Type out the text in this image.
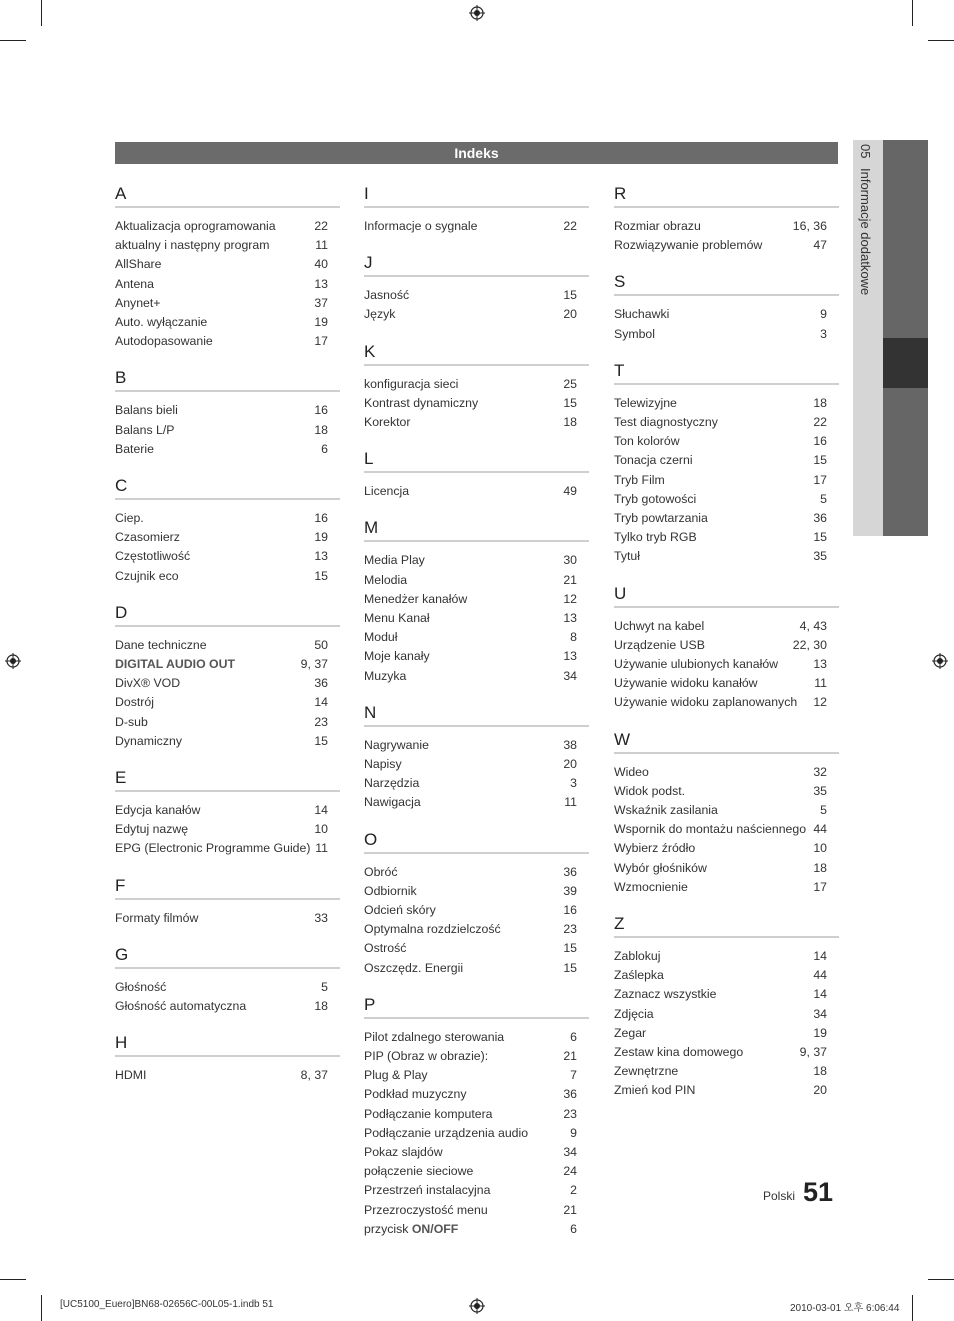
Indeks	05 Informacje dodatkowe
A
Aktualizacja oprogramowania	22
aktualny i następny program	11
AllShare	40
Antena	13
Anynet+	37
Auto. wyłączanie	19
Autodopasowanie	17
B
Balans bieli	16
Balans L/P	18
Baterie	6
C
Ciep.	16
Czasomierz	19
Częstotliwość	13
Czujnik eco	15
D
Dane techniczne	50
DIGITAL AUDIO OUT	9, 37
DivX® VOD	36
Dostrój	14
D-sub	23
Dynamiczny	15
E
Edycja kanałów	14
Edytuj nazwę	10
EPG (Electronic Programme Guide) 11
F
Formaty filmów	33
G
Głośność	5
Głośność automatyczna	18
H
HDMI	8, 37
I
Informacje o sygnale	22
J
Jasność	15
Język	20
K
konfiguracja sieci	25
Kontrast dynamiczny	15
Korektor	18
L
Licencja	49
M
Media Play	30
Melodia	21
Menedżer kanałów	12
Menu Kanał	13
Moduł	8
Moje kanały	13
Muzyka	34
N
Nagrywanie	38
Napisy	20
Narzędzia	3
Nawigacja	11
O
Obróć	36
Odbiornik	39
Odcień skóry	16
Optymalna rozdzielczość	23
Ostrość	15
Oszczędz. Energii	15
P
Pilot zdalnego sterowania	6
PIP (Obraz w obrazie):	21
Plug & Play	7
Podkład muzyczny	36
Podłączanie komputera	23
Podłączanie urządzenia audio	9
Pokaz slajdów	34
połączenie sieciowe	24
Przestrzeń instalacyjna	2
Przezroczystość menu	21
przycisk ON/OFF	6
R
Rozmiar obrazu	16, 36
Rozwiązywanie problemów	47
S
Słuchawki	9
Symbol	3
T
Telewizyjne	18
Test diagnostyczny	22
Ton kolorów	16
Tonacja czerni	15
Tryb Film	17
Tryb gotowości	5
Tryb powtarzania	36
Tylko tryb RGB	15
Tytuł	35
U
Uchwyt na kabel	4, 43
Urządzenie USB	22, 30
Używanie ulubionych kanałów	13
Używanie widoku kanałów	11
Używanie widoku zaplanowanych 12
W
Wideo	32
Widok podst.	35
Wskaźnik zasilania	5
Wspornik do montażu naściennego 44
Wybierz źródło	10
Wybór głośników	18
Wzmocnienie	17
Z
Zablokuj	14
Zaślepka	44
Zaznacz wszystkie	14
Zdjęcia	34
Zegar	19
Zestaw kina domowego	9, 37
Zewnętrzne	18
Zmień kod PIN	20
Polski 51
[UC5100_Euero]BN68-02656C-00L05-1.indb 51	2010-03-01 오후 6:06:44
